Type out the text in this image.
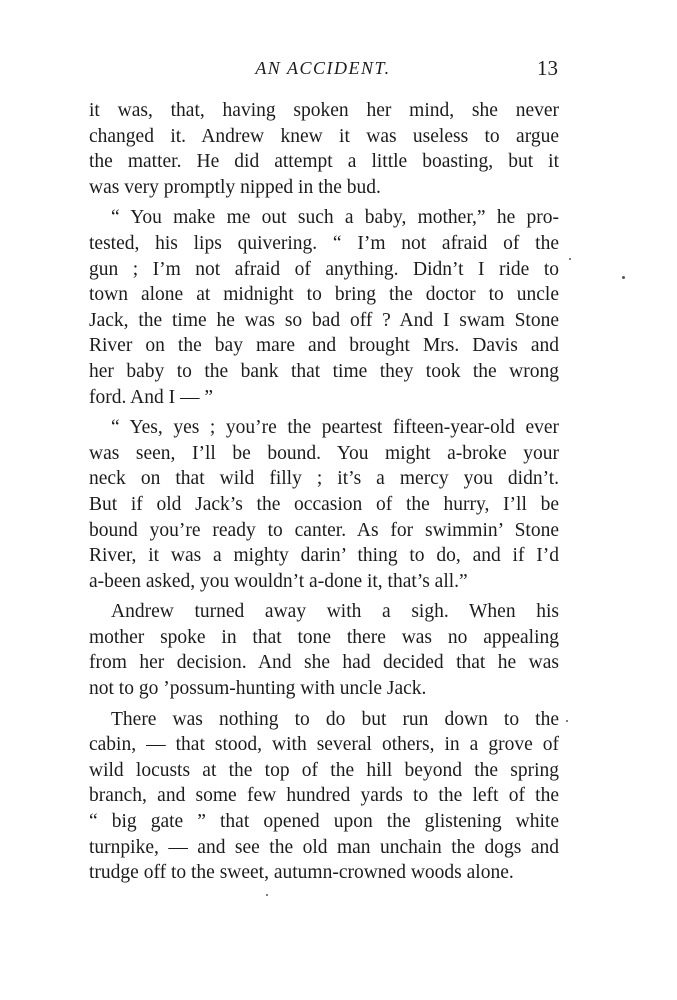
AN ACCIDENT.	13
it was, that, having spoken her mind, she never
changed it. Andrew knew it was useless to argue
the matter. He did attempt a little boasting, but it
was very promptly nipped in the bud.
“ You make me out such a baby, mother,” he pro-
tested, his lips quivering. “ I’m not afraid of the
gun ; I’m not afraid of anything. Didn’t I ride to
town alone at midnight to bring the doctor to uncle
Jack, the time he was so bad off ? And I swam Stone
River on the bay mare and brought Mrs. Davis and
her baby to the bank that time they took the wrong
ford. And I — ”
“ Yes, yes ; you’re the peartest fifteen-year-old ever
was seen, I’ll be bound. You might a-broke your
neck on that wild filly ; it’s a mercy you didn’t.
But if old Jack’s the occasion of the hurry, I’ll be
bound you’re ready to canter. As for swimmin’ Stone
River, it was a mighty darin’ thing to do, and if I’d
a-been asked, you wouldn’t a-done it, that’s all.”
Andrew turned away with a sigh. When his
mother spoke in that tone there was no appealing
from her decision. And she had decided that he was
not to go ’possum-hunting with uncle Jack.
There was nothing to do but run down to the
cabin, — that stood, with several others, in a grove of
wild locusts at the top of the hill beyond the spring
branch, and some few hundred yards to the left of the
“ big gate ” that opened upon the glistening white
turnpike, — and see the old man unchain the dogs and
trudge off to the sweet, autumn-crowned woods alone.
